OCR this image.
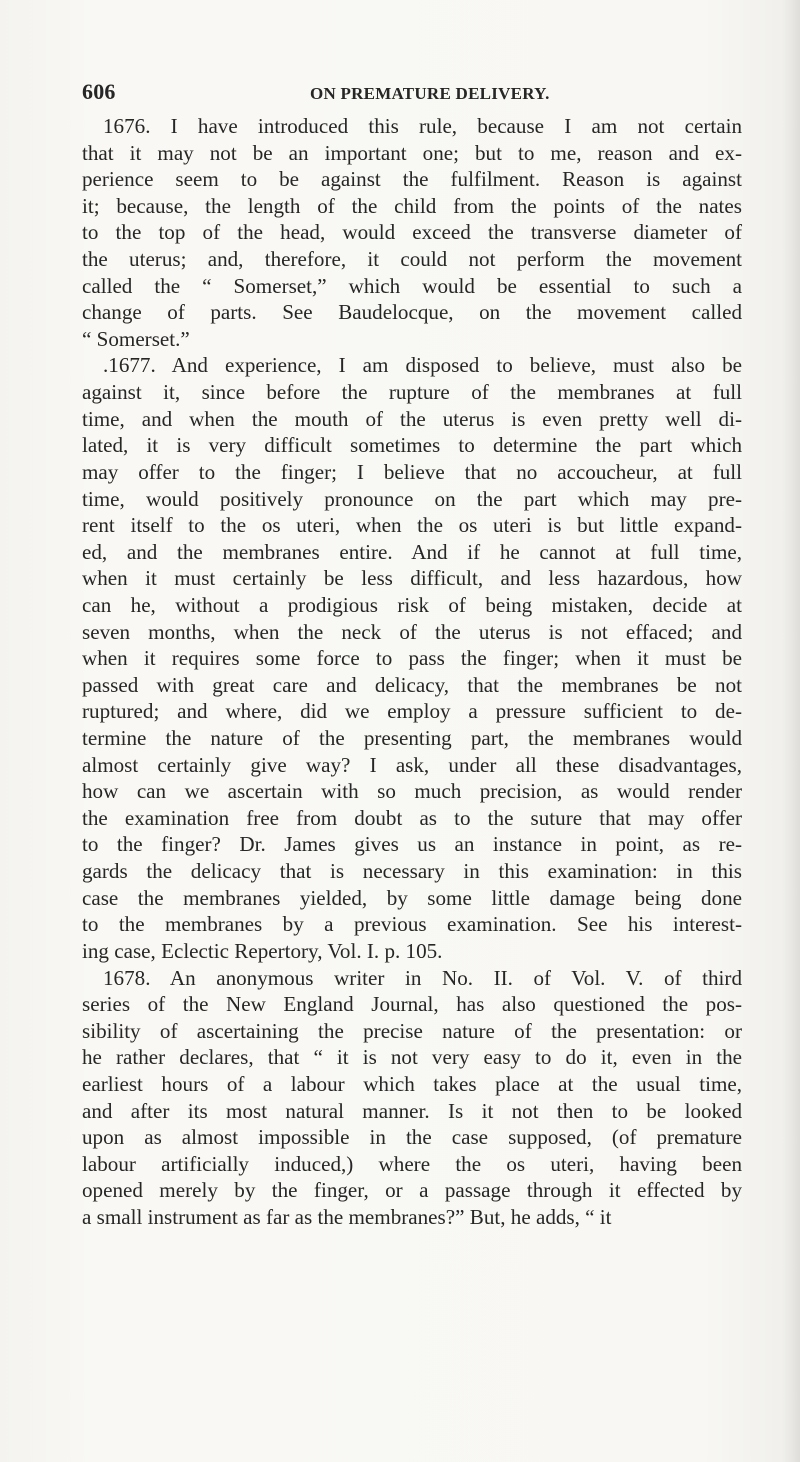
606	ON PREMATURE DELIVERY.
1676. I have introduced this rule, because I am not certain
that it may not be an important one; but to me, reason and ex-
perience seem to be against the fulfilment. Reason is against
it; because, the length of the child from the points of the nates
to the top of the head, would exceed the transverse diameter of
the uterus; and, therefore, it could not perform the movement
called the “ Somerset,” which would be essential to such a
change of parts. See Baudelocque, on the movement called
“ Somerset.”
.1677. And experience, I am disposed to believe, must also be
against it, since before the rupture of the membranes at full
time, and when the mouth of the uterus is even pretty well di-
lated, it is very difficult sometimes to determine the part which
may offer to the finger; I believe that no accoucheur, at full
time, would positively pronounce on the part which may pre-
rent itself to the os uteri, when the os uteri is but little expand-
ed, and the membranes entire. And if he cannot at full time,
when it must certainly be less difficult, and less hazardous, how
can he, without a prodigious risk of being mistaken, decide at
seven months, when the neck of the uterus is not effaced; and
when it requires some force to pass the finger; when it must be
passed with great care and delicacy, that the membranes be not
ruptured; and where, did we employ a pressure sufficient to de-
termine the nature of the presenting part, the membranes would
almost certainly give way? I ask, under all these disadvantages,
how can we ascertain with so much precision, as would render
the examination free from doubt as to the suture that may offer
to the finger? Dr. James gives us an instance in point, as re-
gards the delicacy that is necessary in this examination: in this
case the membranes yielded, by some little damage being done
to the membranes by a previous examination. See his interest-
ing case, Eclectic Repertory, Vol. I. p. 105.
1678. An anonymous writer in No. II. of Vol. V. of third
series of the New England Journal, has also questioned the pos-
sibility of ascertaining the precise nature of the presentation: or
he rather declares, that “ it is not very easy to do it, even in the
earliest hours of a labour which takes place at the usual time,
and after its most natural manner. Is it not then to be looked
upon as almost impossible in the case supposed, (of premature
labour artificially induced,) where the os uteri, having been
opened merely by the finger, or a passage through it effected by
a small instrument as far as the membranes?” But, he adds, “ it
